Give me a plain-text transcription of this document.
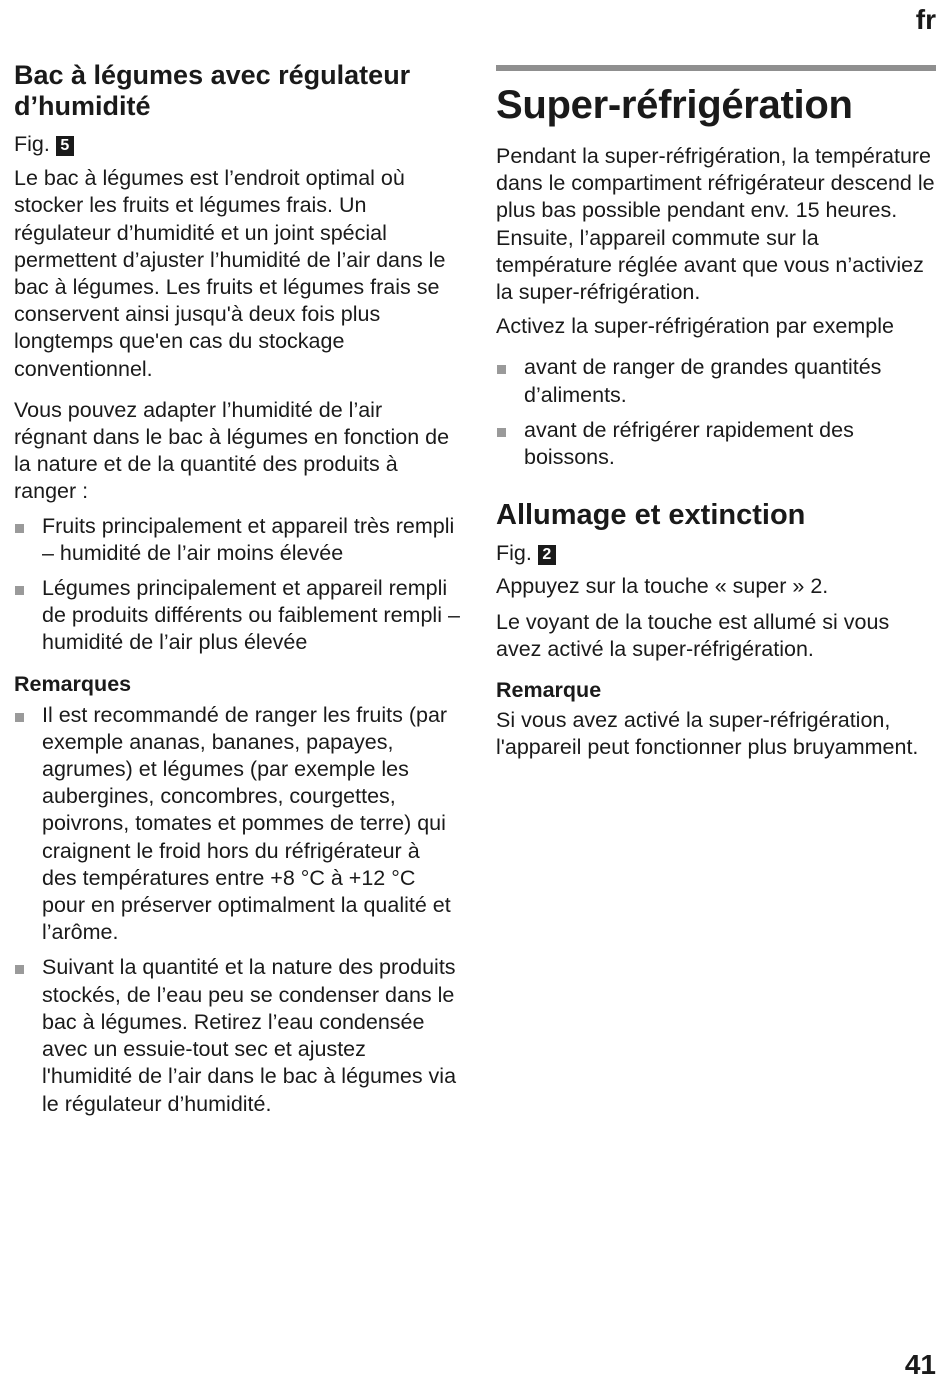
fr
Bac à légumes avec régulateur d’humidité

Fig. 5

Le bac à légumes est l’endroit optimal où stocker les fruits et légumes frais. Un régulateur d’humidité et un joint spécial permettent d’ajuster l’humidité de l’air dans le bac à légumes. Les fruits et légumes frais se conservent ainsi jusqu'à deux fois plus longtemps que'en cas du stockage conventionnel.

Vous pouvez adapter l’humidité de l’air régnant dans le bac à légumes en fonction de la nature et de la quantité des produits à ranger :

Fruits principalement et appareil très rempli – humidité de l’air moins élevée
Légumes principalement et appareil rempli de produits différents ou faiblement rempli – humidité de l’air plus élevée
Remarques
Il est recommandé de ranger les fruits (par exemple ananas, bananes, papayes, agrumes) et légumes (par exemple les aubergines, concombres, courgettes, poivrons, tomates et pommes de terre) qui craignent le froid hors du réfrigérateur à des températures entre +8 °C à +12 °C pour en préserver optimalment la qualité et l’arôme.
Suivant la quantité et la nature des produits stockés, de l’eau peu se condenser dans le bac à légumes. Retirez l’eau condensée avec un essuie-tout sec et ajustez l'humidité de l’air dans le bac à légumes via le régulateur d’humidité.
Super-réfrigération

Pendant la super-réfrigération, la température dans le compartiment réfrigérateur descend le plus bas possible pendant env. 15 heures. Ensuite, l’appareil commute sur la température réglée avant que vous n’activiez la super-réfrigération.

Activez la super-réfrigération par exemple

avant de ranger de grandes quantités d’aliments.
avant de réfrigérer rapidement des boissons.
Allumage et extinction

Fig. 2

Appuyez sur la touche « super » 2.

Le voyant de la touche est allumé si vous avez activé la super-réfrigération.

Remarque

Si vous avez activé la super-réfrigération, l'appareil peut fonctionner plus bruyamment.

41
